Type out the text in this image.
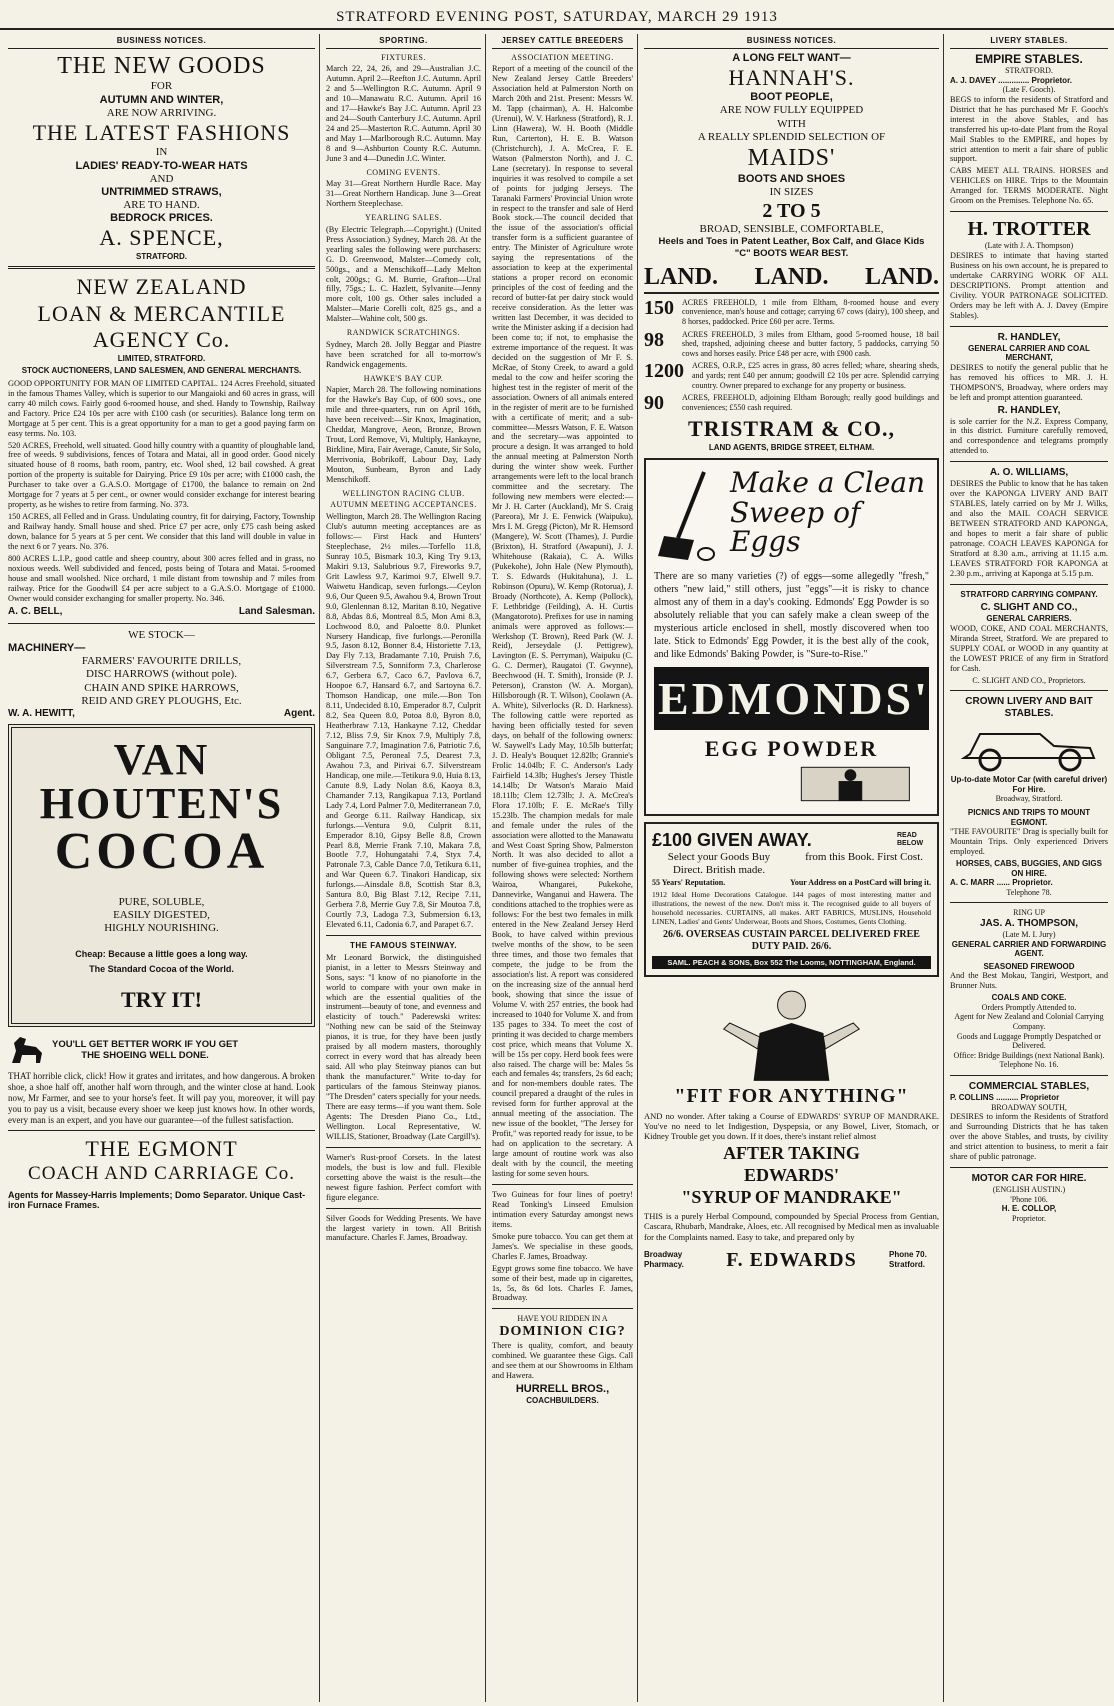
STRATFORD EVENING POST, SATURDAY, MARCH 29 1913
BUSINESS NOTICES.
THE NEW GOODS
FOR
AUTUMN AND WINTER,
ARE NOW ARRIVING.
THE LATEST FASHIONS
IN
LADIES' READY-TO-WEAR HATS
AND
UNTRIMMED STRAWS,
ARE TO HAND.
BEDROCK PRICES.
A. SPENCE,
STRATFORD.
NEW ZEALAND
LOAN & MERCANTILE
AGENCY Co.
LIMITED, STRATFORD.
STOCK AUCTIONEERS, LAND SALESMEN, AND GENERAL MERCHANTS.

GOOD OPPORTUNITY FOR MAN OF LIMITED CAPITAL. 124 Acres Freehold, situated in the famous Thames Valley, which is superior to our Mangaioki and 60 acres in grass, will carry 40 milch cows. Fairly good 6-roomed house, and shed. Handy to Township, Railway and Factory. Price £24 10s per acre with £100 cash (or securities). Balance long term on Mortgage at 5 per cent. This is a great opportunity for a man to get a good paying farm on easy terms. No. 103.

520 ACRES, Freehold, well situated. Good hilly country with a quantity of ploughable land, free of weeds. 9 subdivisions, fences of Totara and Matai, all in good order. Good nicely situated house of 8 rooms, bath room, pantry, etc. Wool shed, 12 bail cowshed. A great portion of the property is suitable for Dairying. Price £9 10s per acre; with £1000 cash, the Purchaser to take over a G.A.S.O. Mortgage of £1700, the balance to remain on 2nd Mortgage for 7 years at 5 per cent., or owner would consider exchange for interest bearing property, as he wishes to retire from farming. No. 373.

150 ACRES, all Felled and in Grass. Undulating country, fit for dairying, Factory, Township and Railway handy. Small house and shed. Price £7 per acre, only £75 cash being asked down, balance for 5 years at 5 per cent. We consider that this land will double in value in the next 6 or 7 years. No. 376.

800 ACRES L.I.P., good cattle and sheep country, about 300 acres felled and in grass, no noxious weeds. Well subdivided and fenced, posts being of Totara and Matai. 5-roomed house and small woolshed. Nice orchard, 1 mile distant from township and 7 miles from railway. Price for the Goodwill £4 per acre subject to a G.A.S.O. Mortgage of £1000. Owner would consider exchanging for smaller property. No. 346.

A. C. BELL,	Land Salesman.
WE STOCK—
MACHINERY—
FARMERS' FAVOURITE DRILLS,
DISC HARROWS (without pole).
CHAIN AND SPIKE HARROWS,
REID AND GREY PLOUGHS, Etc.
W. A. HEWITT,	Agent.
VAN
HOUTEN'S
COCOA
PURE, SOLUBLE,
EASILY DIGESTED,
HIGHLY NOURISHING.
Cheap: Because a little goes a long way.
The Standard Cocoa of the World.
TRY IT!
YOU'LL GET BETTER WORK IF YOU GET
THE SHOEING WELL DONE.

THAT horrible click, click! How it grates and irritates, and how dangerous. A broken shoe, a shoe half off, another half worn through, and the winter close at hand. Look now, Mr Farmer, and see to your horse's feet. It will pay you, moreover, it will pay you to pay us a visit, because every shoer we keep just knows how. In other words, every man is an expert, and you have our guarantee—of the fullest satisfaction.

THE EGMONT
COACH AND CARRIAGE Co.
Agents for Massey-Harris Implements; Domo Separator. Unique Cast-iron Furnace Frames.
SPORTING.
FIXTURES.

March 22, 24, 26, and 29—Australian J.C. Autumn. April 2—Reefton J.C. Autumn. April 2 and 5—Wellington R.C. Autumn. April 9 and 10—Manawatu R.C. Autumn. April 16 and 17—Hawke's Bay J.C. Autumn. April 23 and 24—South Canterbury J.C. Autumn. April 24 and 25—Masterton R.C. Autumn. April 30 and May 1—Marlborough R.C. Autumn. May 8 and 9—Ashburton County R.C. Autumn. June 3 and 4—Dunedin J.C. Winter.

COMING EVENTS.

May 31—Great Northern Hurdle Race. May 31—Great Northern Handicap. June 3—Great Northern Steeplechase.

YEARLING SALES.

(By Electric Telegraph.—Copyright.) (United Press Association.) Sydney, March 28. At the yearling sales the following were purchasers: G. D. Greenwood, Malster—Comedy colt, 500gs., and a Menschikoff—Lady Melton colt, 200gs.; G. M. Burrie, Grafton—Ural filly, 75gs.; L. C. Hazlett, Sylvanite—Jenny more colt, 100 gs. Other sales included a Malster—Marie Corelli colt, 825 gs., and a Malster—Wahine colt, 500 gs.

RANDWICK SCRATCHINGS.

Sydney, March 28. Jolly Beggar and Piastre have been scratched for all to-morrow's Randwick engagements.

HAWKE'S BAY CUP.

Napier, March 28. The following nominations for the Hawke's Bay Cup, of 600 sovs., one mile and three-quarters, run on April 16th, have been received:—Sir Knox, Imagination, Cheddar, Mangrove, Aeon, Bronze, Brown Trout, Lord Remove, Vi, Multiply, Hankayne, Birkline, Mira, Fair Average, Canute, Sir Solo, Merrivonia, Bobrikoff, Labour Day, Lady Mouton, Sunbeam, Byron and Lady Menschikoff.

WELLINGTON RACING CLUB.
AUTUMN MEETING ACCEPTANCES.

Wellington, March 28. The Wellington Racing Club's autumn meeting acceptances are as follows:— First Hack and Hunters' Steeplechase, 2½ miles.—Torfello 11.8, Sunray 10.5, Bismark 10.3, King Try 9.13, Makiri 9.13, Salubrious 9.7, Fireworks 9.7, Grit Lawless 9.7, Karimoi 9.7, Elwell 9.7. Waiwetu Handicap, seven furlongs.—Ceylon 9.6, Our Queen 9.5, Awahou 9.4, Brown Trout 9.0, Glenlennan 8.12, Maritan 8.10, Negative 8.8, Abdas 8.6, Montreal 8.5, Mon Ami 8.3, Lochwood 8.0, and Paloette 8.0. Plunket Nursery Handicap, five furlongs.—Peronilla 9.5, Jason 8.12, Bonner 8.4, Historiette 7.13, Day Fly 7.13, Bradamante 7.10, Pruish 7.6, Silverstream 7.5, Sonniform 7.3, Charlerose 6.7, Gerbera 6.7, Caco 6.7, Pavlova 6.7, Hoopoe 6.7, Hansard 6.7, and Sartoyna 6.7. Thomson Handicap, one mile.—Bon Ton 8.11, Undecided 8.10, Emperador 8.7, Culprit 8.2, Sea Queen 8.0, Potoa 8.0, Byron 8.0, Heatherbraw 7.13, Hankayne 7.12, Cheddar 7.12, Bliss 7.9, Sir Knox 7.9, Multiply 7.8, Sanguinare 7.7, Imagination 7.6, Patriotic 7.6, Obligant 7.5, Peroneal 7.5, Dearest 7.3, Awahou 7.3, and Pirivai 6.7. Silverstream Handicap, one mile.—Tetikura 9.0, Huia 8.13, Canute 8.9, Lady Nolan 8.6, Kaoya 8.3, Chamander 7.13, Rangikapua 7.13, Portland Lady 7.4, Lord Palmer 7.0, Mediterranean 7.0, and George 6.11. Railway Handicap, six furlongs.—Ventura 9.0, Culprit 8.11, Emperador 8.10, Gipsy Belle 8.8, Crown Pearl 8.8, Merrie Frank 7.10, Makara 7.8, Bootle 7.7, Hohungatahi 7.4, Styx 7.4, Patronale 7.3, Cable Dance 7.0, Tetikura 6.11, and War Queen 6.7. Tinakori Handicap, six furlongs.—Ainsdale 8.8, Scottish Star 8.3, Santura 8.0, Big Blast 7.12, Recipe 7.11, Gerbera 7.8, Merrie Guy 7.8, Sir Moutoa 7.8, Courtly 7.3, Ladoga 7.3, Submersion 6.13, Elevated 6.11, Cadonia 6.7, and Parapet 6.7.

THE FAMOUS STEINWAY.

Mr Leonard Borwick, the distinguished pianist, in a letter to Messrs Steinway and Sons, says: "I know of no pianoforte in the world to compare with your own make in which are the essential qualities of the instrument—beauty of tone, and evenness and elasticity of touch." Paderewski writes: "Nothing new can be said of the Steinway pianos, it is true, for they have been justly praised by all modern masters, thoroughly correct in every word that has already been said. All who play Steinway pianos can but thank the manufacturer." Write to-day for particulars of the famous Steinway pianos. "The Dresden" caters specially for your needs. There are easy terms—if you want them. Sole Agents: The Dresden Piano Co., Ltd., Wellington. Local Representative, W. WILLIS, Stationer, Broadway (Late Cargill's).

Warner's Rust-proof Corsets. In the latest models, the bust is low and full. Flexible corsetting above the waist is the result—the newest figure fashion. Perfect comfort with figure elegance.

Silver Goods for Wedding Presents. We have the largest variety in town. All British manufacture. Charles F. James, Broadway.

JERSEY CATTLE BREEDERS
ASSOCIATION MEETING.

Report of a meeting of the council of the New Zealand Jersey Cattle Breeders' Association held at Palmerston North on March 20th and 21st. Present: Messrs W. M. Tapp (chairman), A. H. Halcombe (Urenui), W. V. Harkness (Stratford), R. J. Linn (Hawera), W. H. Booth (Middle Run, Carterton), H. E. B. Watson (Christchurch), J. A. McCrea, F. E. Watson (Palmerston North), and J. C. Lane (secretary). In response to several inquiries it was resolved to compile a set of points for judging Jerseys. The Taranaki Farmers' Provincial Union wrote in respect to the transfer and sale of Herd Book stock.—The council decided that the issue of the association's official transfer form is a sufficient guarantee of entry. The Minister of Agriculture wrote saying the representations of the association to keep at the experimental stations a proper record on economic principles of the cost of feeding and the record of butter-fat per dairy stock would receive consideration. As the letter was written last December, it was decided to write the Minister asking if a decision had been come to; if not, to emphasise the extreme importance of the request. It was decided on the suggestion of Mr F. S. McRae, of Stony Creek, to award a gold medal to the cow and heifer scoring the highest test in the register of merit of the association. Owners of all animals entered in the register of merit are to be furnished with a certificate of merit; and a sub-committee—Messrs Watson, F. E. Watson and the secretary—was appointed to procure a design. It was arranged to hold the annual meeting at Palmerston North during the winter show week. Further arrangements were left to the local branch committee and the secretary. The following new members were elected:—Mr J. H. Carter (Auckland), Mr S. Craig (Pareora), Mr J. E. Fenwick (Waipuku), Mrs I. M. Gregg (Picton), Mr R. Hemsord (Mangere), W. Scott (Thames), J. Purdie (Brixton), H. Stratford (Awapuni), J. J. Whitehouse (Rakaia), C. A. Wilks (Pukekohe), John Hale (New Plymouth), T. S. Edwards (Hukitahuna), J. L. Robinson (Opuru), W. Kemp (Rotorua), J. Broady (Northcote), A. Kemp (Pollock), F. Lethbridge (Feilding), A. H. Curtis (Mangatoroto). Prefixes for use in naming animals were approved as follows:—Werkshop (T. Brown), Reed Park (W. J. Reid), Jerseydale (J. Pettigrew), Lavington (E. S. Perryman), Waipuku (C. G. C. Dermer), Raugatoi (T. Gwynne), Beechwood (H. T. Smith), Ironside (P. J. Peterson), Cranston (W. A. Morgan), Hillsborough (R. T. Wilson), Coolawn (A. A. White), Silverlocks (R. D. Harkness). The following cattle were reported as having been officially tested for seven days, on behalf of the following owners: W. Saywell's Lady May, 10.5lb butterfat; J. D. Healy's Bouquet 12.82lb; Grannie's Frolic 14.04lb; F. C. Anderson's Lady Fairfield 14.3lb; Hughes's Jersey Thistle 14.14lb; Dr Watson's Maraio Maid 18.11lb; Clem 12.73lb; J. A. McCrea's Flora 17.10lb; F. E. McRae's Tilly 15.23lb. The champion medals for male and female under the rules of the association were allotted to the Manawatu and West Coast Spring Show, Palmerston North. It was also decided to allot a number of five-guinea trophies, and the following shows were selected: Northern Wairoa, Whangarei, Pukekohe, Dannevirke, Wanganui and Hawera. The conditions attached to the trophies were as follows: For the best two females in milk entered in the New Zealand Jersey Herd Book, to have calved within previous twelve months of the show, to be seen three times, and those two females that compete, the judge to be from the association's list. A report was considered on the increasing size of the annual herd book, showing that since the issue of Volume V. with 257 entries, the book had increased to 1040 for Volume X. and from 135 pages to 334. To meet the cost of printing it was decided to charge members cost price, which means that Volume X. will be 15s per copy. Herd book fees were also raised. The charge will be: Males 5s each and females 4s; transfers, 2s 6d each; and for non-members double rates. The council prepared a draught of the rules in revised form for further approval at the annual meeting of the association. The new issue of the booklet, "The Jersey for Profit," was reported ready for issue, to be had on application to the secretary. A large amount of routine work was also dealt with by the council, the meeting lasting for some seven hours.

Two Guineas for four lines of poetry! Read Tonking's Linseed Emulsion intimation every Saturday amongst news items.

Smoke pure tobacco. You can get them at James's. We specialise in these goods, Charles F. James, Broadway.

Egypt grows some fine tobacco. We have some of their best, made up in cigarettes, 1s, 5s, 8s 6d lots. Charles F. James, Broadway.

HAVE YOU RIDDEN IN A
DOMINION CIG?

There is quality, comfort, and beauty combined. We guarantee these Gigs. Call and see them at our Showrooms in Eltham and Hawera.

HURRELL BROS.,
COACHBUILDERS.
BUSINESS NOTICES.
A LONG FELT WANT—
HANNAH'S.
BOOT PEOPLE,
ARE NOW FULLY EQUIPPED
WITH
A REALLY SPLENDID SELECTION OF
MAIDS'
BOOTS AND SHOES
IN SIZES
2 TO 5
BROAD, SENSIBLE, COMFORTABLE,
Heels and Toes in Patent Leather, Box Calf, and Glace Kids
"C" BOOTS WEAR BEST.
LAND. LAND. LAND.
150	ACRES FREEHOLD, 1 mile from Eltham, 8-roomed house and every convenience, man's house and cottage; carrying 67 cows (dairy), 100 sheep, and 8 horses, paddocked. Price £60 per acre. Terms.
98	ACRES FREEHOLD, 3 miles from Eltham, good 5-roomed house, 18 bail shed, trapshed, adjoining cheese and butter factory, 5 paddocks, carrying 50 cows and horses easily. Price £48 per acre, with £900 cash.
1200	ACRES, O.R.P., £25 acres in grass, 80 acres felled; whare, shearing sheds, and yards; rent £40 per annum; goodwill £2 10s per acre. Splendid carrying country. Owner prepared to exchange for any property or business.
90	ACRES, FREEHOLD, adjoining Eltham Borough; really good buildings and conveniences; £550 cash required.
TRISTRAM & CO.,
LAND AGENTS, BRIDGE STREET, ELTHAM.
Make a Clean
Sweep of Eggs

There are so many varieties (?) of eggs—some allegedly "fresh," others "new laid," still others, just "eggs"—it is risky to chance almost any of them in a day's cooking. Edmonds' Egg Powder is so absolutely reliable that you can safely make a clean sweep of the mysterious article enclosed in shell, mostly discovered when too late. Stick to Edmonds' Egg Powder, it is the best ally of the cook, and like Edmonds' Baking Powder, is "Sure-to-Rise."

EDMONDS'
EGG POWDER
£100 GIVEN AWAY.	READ BELOW
Select your Goods Buy Direct. British made.
from this Book. First Cost.
55 Years' Reputation.	Your Address on a PostCard will bring it.

1912 Ideal Home Decorations Catalogue. 144 pages of most interesting matter and illustrations, the newest of the new. Don't miss it. The recognised guide to all buyers of household necessaries. CURTAINS, all makes. ART FABRICS, MUSLINS, Household LINEN, Ladies' and Gents' Underwear, Boots and Shoes, Costumes, Gents Clothing.

26/6. OVERSEAS CUSTAIN PARCEL DELIVERED FREE DUTY PAID. 26/6.
SAML. PEACH & SONS, Box 552 The Looms, NOTTINGHAM, England.
"FIT FOR ANYTHING"

AND no wonder. After taking a Course of EDWARDS' SYRUP OF MANDRAKE. You've no need to let Indigestion, Dyspepsia, or any Bowel, Liver, Stomach, or Kidney Trouble get you down. If it does, there's instant relief almost

AFTER TAKING
EDWARDS'
"SYRUP OF MANDRAKE"

THIS is a purely Herbal Compound, compounded by Special Process from Gentian, Cascara, Rhubarb, Mandrake, Aloes, etc. All recognised by Medical men as invaluable for the Complaints named. Easy to take, and prepared only by

Broadway Pharmacy.	F. EDWARDS	Phone 70. Stratford.
LIVERY STABLES.
EMPIRE STABLES.
STRATFORD.
A. J. DAVEY .............. Proprietor.
(Late F. Gooch).

BEGS to inform the residents of Stratford and District that he has purchased Mr F. Gooch's interest in the above Stables, and has transferred his up-to-date Plant from the Royal Mail Stables to the EMPIRE, and hopes by strict attention to merit a fair share of public support.

CABS MEET ALL TRAINS. HORSES and VEHICLES on HIRE. Trips to the Mountain Arranged for. TERMS MODERATE. Night Groom on the Premises. Telephone No. 65.

H. TROTTER
(Late with J. A. Thompson)

DESIRES to intimate that having started Business on his own account, he is prepared to undertake CARRYING WORK OF ALL DESCRIPTIONS. Prompt attention and Civility. YOUR PATRONAGE SOLICITED. Orders may be left with A. J. Davey (Empire Stables).

R. HANDLEY,
GENERAL CARRIER AND COAL MERCHANT,

DESIRES to notify the general public that he has removed his offices to MR. J. H. THOMPSON'S, Broadway, where orders may be left and prompt attention guaranteed.

R. HANDLEY,

is sole carrier for the N.Z. Express Company, in this district. Furniture carefully removed, and correspondence and telegrams promptly attended to.

A. O. WILLIAMS,

DESIRES the Public to know that he has taken over the KAPONGA LIVERY AND BAIT STABLES, lately carried on by Mr J. Wilks, and also the MAIL COACH SERVICE BETWEEN STRATFORD AND KAPONGA, and hopes to merit a fair share of public patronage. COACH LEAVES KAPONGA for Stratford at 8.30 a.m., arriving at 11.15 a.m. LEAVES STRATFORD FOR KAPONGA at 2.30 p.m., arriving at Kaponga at 5.15 p.m.

STRATFORD CARRYING COMPANY.
C. SLIGHT AND CO.,
GENERAL CARRIERS.

WOOD, COKE, AND COAL MERCHANTS, Miranda Street, Stratford. We are prepared to SUPPLY COAL or WOOD in any quantity at the LOWEST PRICE of any firm in Stratford for Cash.

C. SLIGHT AND CO., Proprietors.
CROWN LIVERY AND BAIT STABLES.
Up-to-date Motor Car (with careful driver) For Hire.
Broadway, Stratford.
PICNICS AND TRIPS TO MOUNT EGMONT.

"THE FAVOURITE" Drag is specially built for Mountain Trips. Only experienced Drivers employed.

HORSES, CABS, BUGGIES, AND GIGS ON HIRE.
A. C. MARR ...... Proprietor.
Telephone 78.
RING UP
JAS. A. THOMPSON,
(Late M. I. Jury)
GENERAL CARRIER AND FORWARDING AGENT.
SEASONED FIREWOOD

And the Best Mokau, Tangiri, Westport, and Brunner Nuts.

COALS AND COKE.
Orders Promptly Attended to.
Agent for New Zealand and Colonial Carrying Company.
Goods and Luggage Promptly Despatched or Delivered.
Office: Bridge Buildings (next National Bank).
Telephone No. 16.
COMMERCIAL STABLES,
P. COLLINS .......... Proprietor
BROADWAY SOUTH,

DESIRES to inform the Residents of Stratford and Surrounding Districts that he has taken over the above Stables, and trusts, by civility and strict attention to business, to merit a fair share of public patronage.

MOTOR CAR FOR HIRE.
(ENGLISH AUSTIN.)
'Phone 106.
H. E. COLLOP,
Proprietor.
